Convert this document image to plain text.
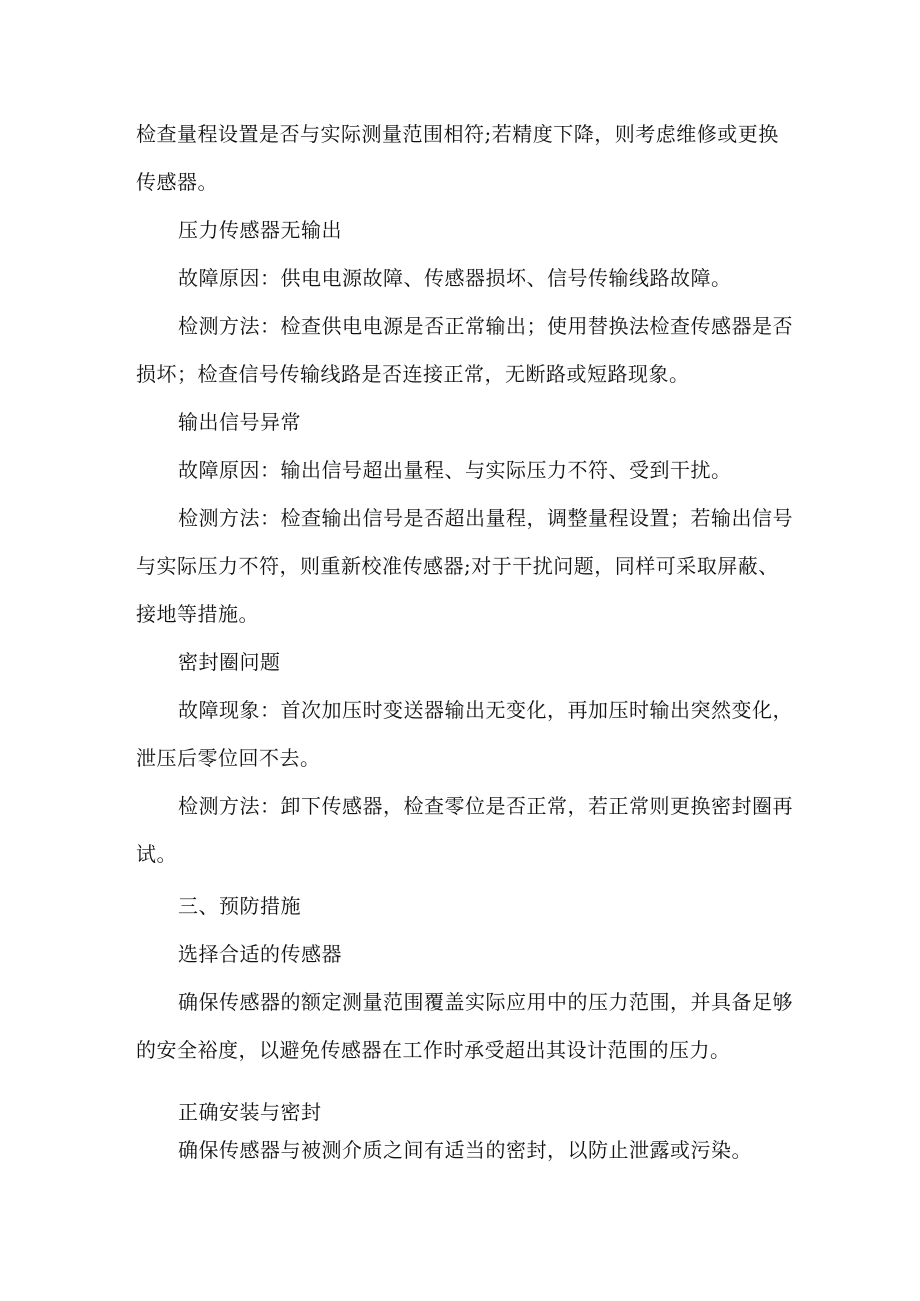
检查量程设置是否与实际测量范围相符;若精度下降，则考虑维修或更换传感器。

压力传感器无输出

故障原因：供电电源故障、传感器损坏、信号传输线路故障。

检测方法：检查供电电源是否正常输出；使用替换法检查传感器是否损坏；检查信号传输线路是否连接正常，无断路或短路现象。

输出信号异常

故障原因：输出信号超出量程、与实际压力不符、受到干扰。

检测方法：检查输出信号是否超出量程，调整量程设置；若输出信号与实际压力不符，则重新校准传感器;对于干扰问题，同样可采取屏蔽、接地等措施。

密封圈问题

故障现象：首次加压时变送器输出无变化，再加压时输出突然变化，泄压后零位回不去。

检测方法：卸下传感器，检查零位是否正常，若正常则更换密封圈再试。

三、预防措施

选择合适的传感器

确保传感器的额定测量范围覆盖实际应用中的压力范围，并具备足够的安全裕度，以避免传感器在工作时承受超出其设计范围的压力。

正确安装与密封

确保传感器与被测介质之间有适当的密封，以防止泄露或污染。
